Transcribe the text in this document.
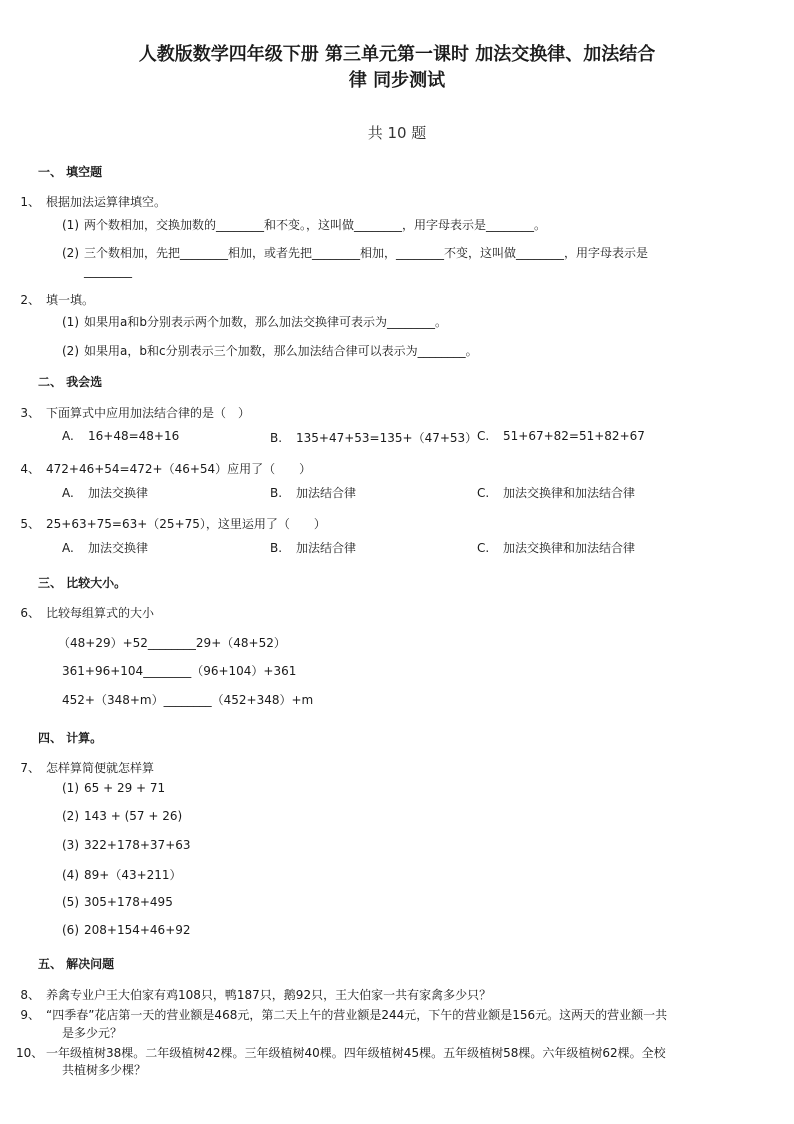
人教版数学四年级下册 第三单元第一课时 加法交换律、加法结合
律 同步测试
共 10 题
一、 填空题
1、 根据加法运算律填空。
(1) 两个数相加，交换加数的________和不变。，这叫做________，用字母表示是________。
(2) 三个数相加，先把________相加，或者先把________相加，________不变，这叫做________，用字母表示是
________
2、 填一填。
(1) 如果用a和b分别表示两个加数，那么加法交换律可表示为________。
(2) 如果用a，b和c分别表示三个加数，那么加法结合律可以表示为________。
二、 我会选
3、 下面算式中应用加法结合律的是（　）
A. 16+48=48+16	B. 135+47+53=135+（47+53） C. 51+67+82=51+82+67
4、 472+46+54=472+（46+54）应用了（　　）
A. 加法交换律	B. 加法结合律	C. 加法交换律和加法结合律
5、 25+63+75=63+（25+75），这里运用了（　　）
A. 加法交换律	B. 加法结合律	C. 加法交换律和加法结合律
三、 比较大小。
6、 比较每组算式的大小
（48+29）+52________29+（48+52）
361+96+104________（96+104）+361
452+（348+m）________（452+348）+m
四、 计算。
7、 怎样算简便就怎样算
(1) 65 + 29 + 71
(2) 143 + (57 + 26)
(3) 322+178+37+63
(4) 89+（43+211）
(5) 305+178+495
(6) 208+154+46+92
五、 解决问题
8、 养禽专业户王大伯家有鸡108只，鸭187只，鹅92只，王大伯家一共有家禽多少只？
9、 “四季春”花店第一天的营业额是468元，第二天上午的营业额是244元，下午的营业额是156元。这两天的营业额一共
是多少元？
10、 一年级植树38棵。二年级植树42棵。三年级植树40棵。四年级植树45棵。五年级植树58棵。六年级植树62棵。全校
共植树多少棵？
